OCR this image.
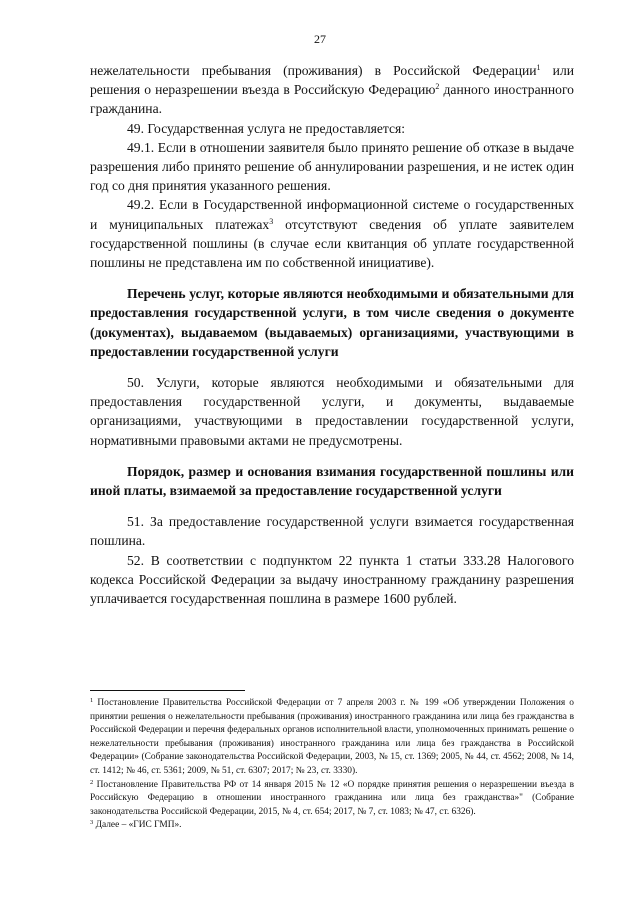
27

нежелательности пребывания (проживания) в Российской Федерации$^1$ или решения о неразрешении въезда в Российскую Федерацию$^2$ данного иностранного гражданина.

49. Государственная услуга не предоставляется:

49.1. Если в отношении заявителя было принято решение об отказе в выдаче разрешения либо принято решение об аннулировании разрешения, и не истек один год со дня принятия указанного решения.

49.2. Если в Государственной информационной системе о государственных и муниципальных платежах$^3$ отсутствуют сведения об уплате заявителем государственной пошлины (в случае если квитанция об уплате государственной пошлины не представлена им по собственной инициативе).

Перечень услуг, которые являются необходимыми и обязательными для предоставления государственной услуги, в том числе сведения о документе (документах), выдаваемом (выдаваемых) организациями, участвующими в предоставлении государственной услуги

50. Услуги, которые являются необходимыми и обязательными для предоставления государственной услуги, и документы, выдаваемые организациями, участвующими в предоставлении государственной услуги, нормативными правовыми актами не предусмотрены.

Порядок, размер и основания взимания государственной пошлины или иной платы, взимаемой за предоставление государственной услуги

51. За предоставление государственной услуги взимается государственная пошлина.

52. В соответствии с подпунктом 22 пункта 1 статьи 333.28 Налогового кодекса Российской Федерации за выдачу иностранному гражданину разрешения уплачивается государственная пошлина в размере 1600 рублей.

$^1$ Постановление Правительства Российской Федерации от 7 апреля 2003 г. № 199 «Об утверждении Положения о принятии решения о нежелательности пребывания (проживания) иностранного гражданина или лица без гражданства в Российской Федерации и перечня федеральных органов исполнительной власти, уполномоченных принимать решение о нежелательности пребывания (проживания) иностранного гражданина или лица без гражданства в Российской Федерации» (Собрание законодательства Российской Федерации, 2003, № 15, ст. 1369; 2005, № 44, ст. 4562; 2008, № 14, ст. 1412; № 46, ст. 5361; 2009, № 51, ст. 6307; 2017; № 23, ст. 3330).

$^2$ Постановление Правительства РФ от 14 января 2015 № 12 «О порядке принятия решения о неразрешении въезда в Российскую Федерацию в отношении иностранного гражданина или лица без гражданства»" (Собрание законодательства Российской Федерации, 2015, № 4, ст. 654; 2017, № 7, ст. 1083; № 47, ст. 6326).

$^3$ Далее – «ГИС ГМП».
